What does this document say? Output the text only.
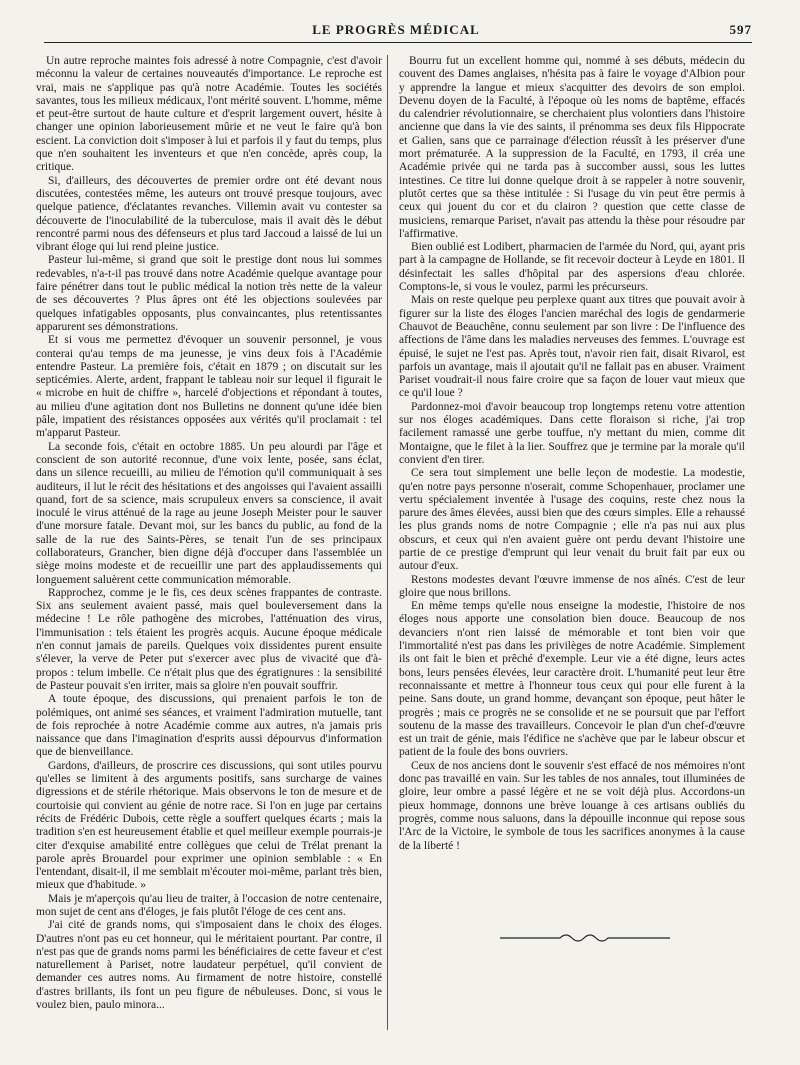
LE PROGRÈS MÉDICAL	597

Un autre reproche maintes fois adressé à notre Compagnie, c'est d'avoir méconnu la valeur de certaines nouveautés d'importance. Le reproche est vrai, mais ne s'applique pas qu'à notre Académie. Toutes les sociétés savantes, tous les milieux médicaux, l'ont mérité souvent. L'homme, même et peut-être surtout de haute culture et d'esprit largement ouvert, hésite à changer une opinion laborieusement mûrie et ne veut le faire qu'à bon escient. La conviction doit s'imposer à lui et parfois il y faut du temps, plus que n'en souhaitent les inventeurs et que n'en concède, après coup, la critique.

Si, d'ailleurs, des découvertes de premier ordre ont été devant nous discutées, contestées même, les auteurs ont trouvé presque toujours, avec quelque patience, d'éclatantes revanches. Villemin avait vu contester sa découverte de l'inoculabilité de la tuberculose, mais il avait dès le début rencontré parmi nous des défenseurs et plus tard Jaccoud a laissé de lui un vibrant éloge qui lui rend pleine justice.

Pasteur lui-même, si grand que soit le prestige dont nous lui sommes redevables, n'a-t-il pas trouvé dans notre Académie quelque avantage pour faire pénétrer dans tout le public médical la notion très nette de la valeur de ses découvertes ? Plus âpres ont été les objections soulevées par quelques infatigables opposants, plus convaincantes, plus retentissantes apparurent ses démonstrations.

Et si vous me permettez d'évoquer un souvenir personnel, je vous conterai qu'au temps de ma jeunesse, je vins deux fois à l'Académie entendre Pasteur. La première fois, c'était en 1879 ; on discutait sur les septicémies. Alerte, ardent, frappant le tableau noir sur lequel il figurait le « microbe en huit de chiffre », harcelé d'objections et répondant à toutes, au milieu d'une agitation dont nos Bulletins ne donnent qu'une idée bien pâle, impatient des résistances opposées aux vérités qu'il proclamait : tel m'apparut Pasteur.

La seconde fois, c'était en octobre 1885. Un peu alourdi par l'âge et conscient de son autorité reconnue, d'une voix lente, posée, sans éclat, dans un silence recueilli, au milieu de l'émotion qu'il communiquait à ses auditeurs, il lut le récit des hésitations et des angoisses qui l'avaient assailli quand, fort de sa science, mais scrupuleux envers sa conscience, il avait inoculé le virus atténué de la rage au jeune Joseph Meister pour le sauver d'une morsure fatale. Devant moi, sur les bancs du public, au fond de la salle de la rue des Saints-Pères, se tenait l'un de ses principaux collaborateurs, Grancher, bien digne déjà d'occuper dans l'assemblée un siège moins modeste et de recueillir une part des applaudissements qui longuement saluèrent cette communication mémorable.

Rapprochez, comme je le fis, ces deux scènes frappantes de contraste. Six ans seulement avaient passé, mais quel bouleversement dans la médecine ! Le rôle pathogène des microbes, l'atténuation des virus, l'immunisation : tels étaient les progrès acquis. Aucune époque médicale n'en connut jamais de pareils. Quelques voix dissidentes purent ensuite s'élever, la verve de Peter put s'exercer avec plus de vivacité que d'à-propos : telum imbelle. Ce n'était plus que des égratignures : la sensibilité de Pasteur pouvait s'en irriter, mais sa gloire n'en pouvait souffrir.

A toute époque, des discussions, qui prenaient parfois le ton de polémiques, ont animé ses séances, et vraiment l'admiration mutuelle, tant de fois reprochée à notre Académie comme aux autres, n'a jamais pris naissance que dans l'imagination d'esprits aussi dépourvus d'information que de bienveillance.

Gardons, d'ailleurs, de proscrire ces discussions, qui sont utiles pourvu qu'elles se limitent à des arguments positifs, sans surcharge de vaines digressions et de stérile rhétorique. Mais observons le ton de mesure et de courtoisie qui convient au génie de notre race. Si l'on en juge par certains récits de Frédéric Dubois, cette règle a souffert quelques écarts ; mais la tradition s'en est heureusement établie et quel meilleur exemple pourrais-je citer d'exquise amabilité entre collègues que celui de Trélat prenant la parole après Brouardel pour exprimer une opinion semblable : « En l'entendant, disait-il, il me semblait m'écouter moi-même, parlant très bien, mieux que d'habitude. »

Mais je m'aperçois qu'au lieu de traiter, à l'occasion de notre centenaire, mon sujet de cent ans d'éloges, je fais plutôt l'éloge de ces cent ans.

J'ai cité de grands noms, qui s'imposaient dans le choix des éloges. D'autres n'ont pas eu cet honneur, qui le méritaient pourtant. Par contre, il n'est pas que de grands noms parmi les bénéficiaires de cette faveur et c'est naturellement à Pariset, notre laudateur perpétuel, qu'il convient de demander ces autres noms. Au firmament de notre histoire, constellé d'astres brillants, ils font un peu figure de nébuleuses. Donc, si vous le voulez bien, paulo minora...

Bourru fut un excellent homme qui, nommé à ses débuts, médecin du couvent des Dames anglaises, n'hésita pas à faire le voyage d'Albion pour y apprendre la langue et mieux s'acquitter des devoirs de son emploi. Devenu doyen de la Faculté, à l'époque où les noms de baptême, effacés du calendrier révolutionnaire, se cherchaient plus volontiers dans l'histoire ancienne que dans la vie des saints, il prénomma ses deux fils Hippocrate et Galien, sans que ce parrainage d'élection réussît à les préserver d'une mort prématurée. A la suppression de la Faculté, en 1793, il créa une Académie privée qui ne tarda pas à succomber aussi, sous les luttes intestines. Ce titre lui donne quelque droit à se rappeler à notre souvenir, plutôt certes que sa thèse intitulée : Si l'usage du vin peut être permis à ceux qui jouent du cor et du clairon ? question que cette classe de musiciens, remarque Pariset, n'avait pas attendu la thèse pour résoudre par l'affirmative.

Bien oublié est Lodibert, pharmacien de l'armée du Nord, qui, ayant pris part à la campagne de Hollande, se fit recevoir docteur à Leyde en 1801. Il désinfectait les salles d'hôpital par des aspersions d'eau chlorée. Comptons-le, si vous le voulez, parmi les précurseurs.

Mais on reste quelque peu perplexe quant aux titres que pouvait avoir à figurer sur la liste des éloges l'ancien maréchal des logis de gendarmerie Chauvot de Beauchêne, connu seulement par son livre : De l'influence des affections de l'âme dans les maladies nerveuses des femmes. L'ouvrage est épuisé, le sujet ne l'est pas. Après tout, n'avoir rien fait, disait Rivarol, est parfois un avantage, mais il ajoutait qu'il ne fallait pas en abuser. Vraiment Pariset voudrait-il nous faire croire que sa façon de louer vaut mieux que ce qu'il loue ?

Pardonnez-moi d'avoir beaucoup trop longtemps retenu votre attention sur nos éloges académiques. Dans cette floraison si riche, j'ai trop facilement ramassé une gerbe touffue, n'y mettant du mien, comme dit Montaigne, que le filet à la lier. Souffrez que je termine par la morale qu'il convient d'en tirer.

Ce sera tout simplement une belle leçon de modestie. La modestie, qu'en notre pays personne n'oserait, comme Schopenhauer, proclamer une vertu spécialement inventée à l'usage des coquins, reste chez nous la parure des âmes élevées, aussi bien que des cœurs simples. Elle a rehaussé les plus grands noms de notre Compagnie ; elle n'a pas nui aux plus obscurs, et ceux qui n'en avaient guère ont perdu devant l'histoire une partie de ce prestige d'emprunt qui leur venait du bruit fait par eux ou autour d'eux.

Restons modestes devant l'œuvre immense de nos aînés. C'est de leur gloire que nous brillons.

En même temps qu'elle nous enseigne la modestie, l'histoire de nos éloges nous apporte une consolation bien douce. Beaucoup de nos devanciers n'ont rien laissé de mémorable et tont bien voir que l'immortalité n'est pas dans les privilèges de notre Académie. Simplement ils ont fait le bien et prêché d'exemple. Leur vie a été digne, leurs actes bons, leurs pensées élevées, leur caractère droit. L'humanité peut leur être reconnaissante et mettre à l'honneur tous ceux qui pour elle furent à la peine. Sans doute, un grand homme, devançant son époque, peut hâter le progrès ; mais ce progrès ne se consolide et ne se poursuit que par l'effort soutenu de la masse des travailleurs. Concevoir le plan d'un chef-d'œuvre est un trait de génie, mais l'édifice ne s'achève que par le labeur obscur et patient de la foule des bons ouvriers.

Ceux de nos anciens dont le souvenir s'est effacé de nos mémoires n'ont donc pas travaillé en vain. Sur les tables de nos annales, tout illuminées de gloire, leur ombre a passé légère et ne se voit déjà plus. Accordons-un pieux hommage, donnons une brève louange à ces artisans oubliés du progrès, comme nous saluons, dans la dépouille inconnue qui repose sous l'Arc de la Victoire, le symbole de tous les sacrifices anonymes à la cause de la liberté !
